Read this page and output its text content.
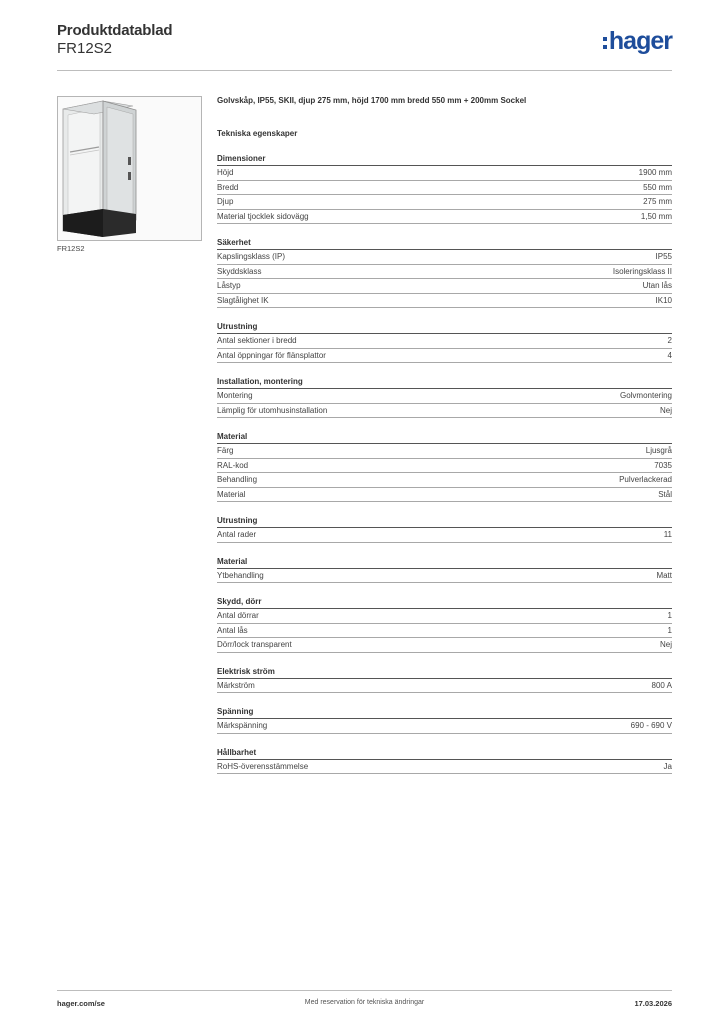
Produktdatablad
FR12S2	hager
FR12S2
Golvskåp, IP55, SKII, djup 275 mm, höjd 1700 mm bredd 550 mm + 200mm Sockel
Tekniska egenskaper
Dimensioner
Höjd	1900 mm
Bredd	550 mm
Djup	275 mm
Material tjocklek sidovägg	1,50 mm
Säkerhet
Kapslingsklass (IP)	IP55
Skyddsklass	Isoleringsklass II
Låstyp	Utan lås
Slagtålighet IK	IK10
Utrustning
Antal sektioner i bredd	2
Antal öppningar för flänsplattor	4
Installation, montering
Montering	Golvmontering
Lämplig för utomhusinstallation	Nej
Material
Färg	Ljusgrå
RAL-kod	7035
Behandling	Pulverlackerad
Material	Stål
Utrustning
Antal rader	11
Material
Ytbehandling	Matt
Skydd, dörr
Antal dörrar	1
Antal lås	1
Dörr/lock transparent	Nej
Elektrisk ström
Märkström	800 A
Spänning
Märkspänning	690 - 690 V
Hållbarhet
RoHS-överensstämmelse	Ja
hager.com/se	Med reservation för tekniska ändringar	17.03.2026
